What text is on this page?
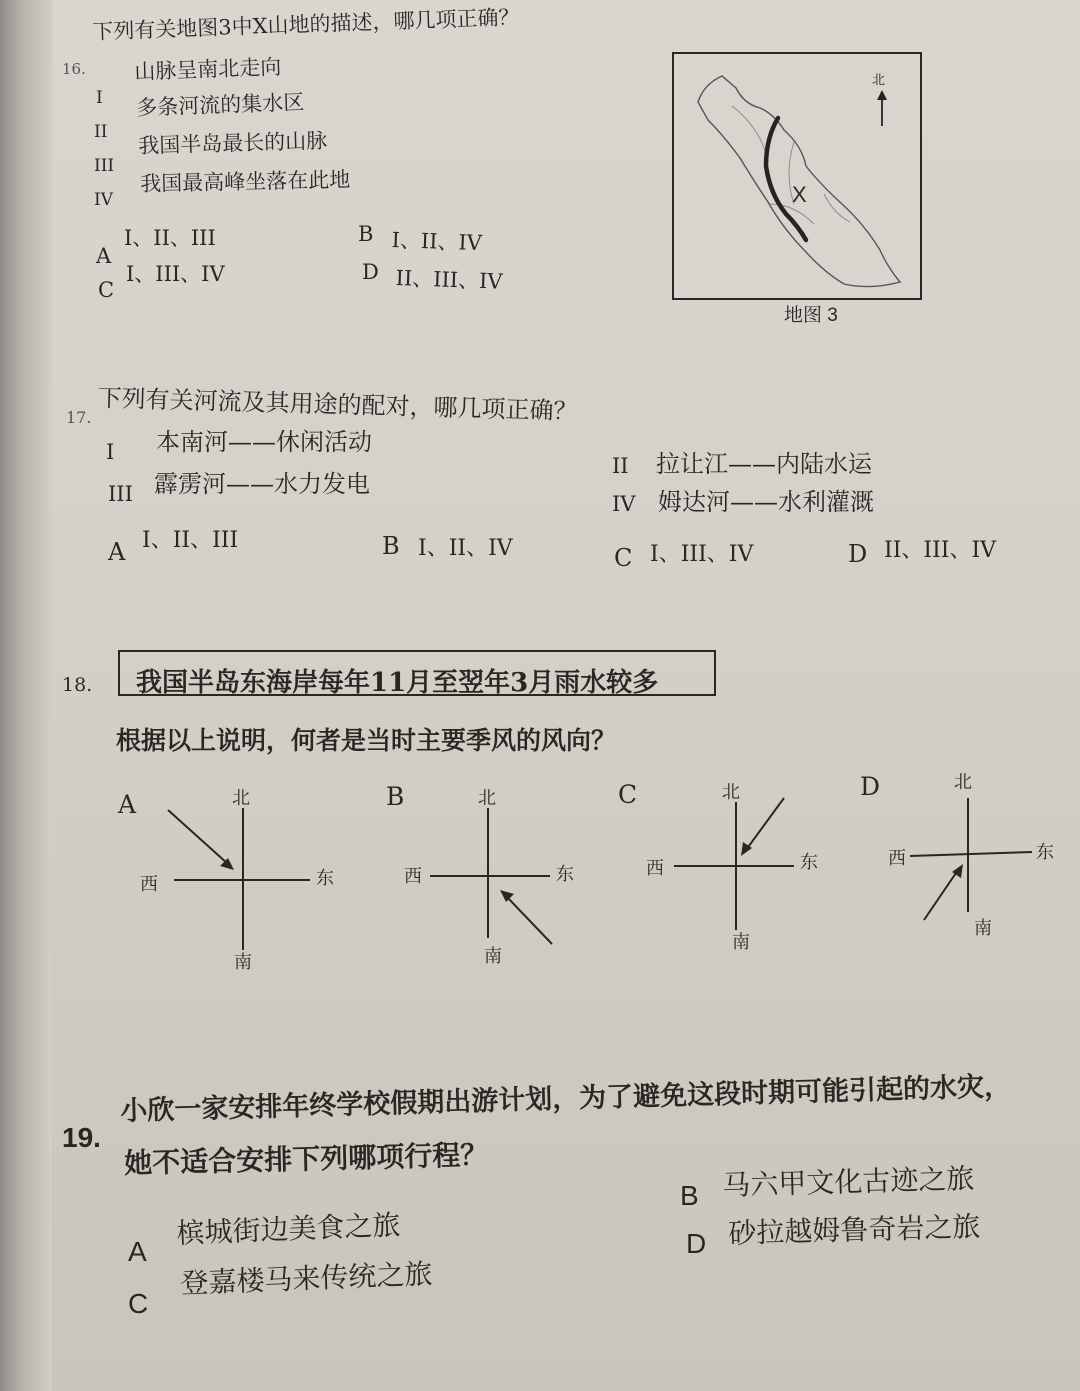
16.
下列有关地图3中X山地的描述，哪几项正确？
I
山脉呈南北走向
II
多条河流的集水区
III
我国半岛最长的山脉
IV
我国最高峰坐落在此地
A
I、II、III	B I、II、IV
C
I、III、IV	D II、III、IV
北
X
地图 3
17. 下列有关河流及其用途的配对，哪几项正确？
I 本南河——休闲活动
II 拉让江——内陆水运
III 霹雳河——水力发电
IV 姆达河——水利灌溉
A I、II、III	B I、II、IV	C I、III、IV	D II、III、IV
18. 我国半岛东海岸每年11月至翌年3月雨水较多
根据以上说明，何者是当时主要季风的风向？
A	北
西	东
南
B	北
西	东
南
C	北
西	东
南
D	北
西	东
南
19.
小欣一家安排年终学校假期出游计划，为了避免这段时期可能引起的水灾，
她不适合安排下列哪项行程？
A
槟城街边美食之旅
B 马六甲文化古迹之旅
C
登嘉楼马来传统之旅
D 砂拉越姆鲁奇岩之旅
